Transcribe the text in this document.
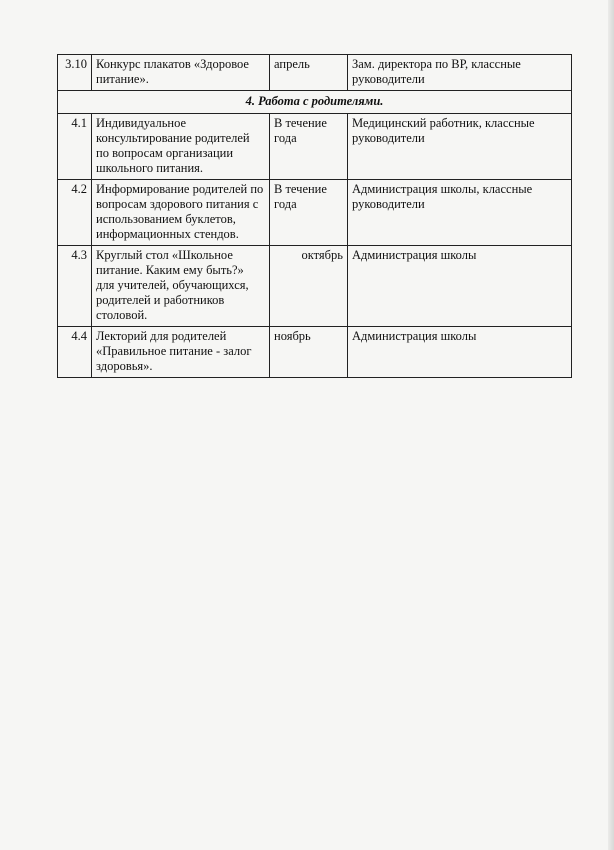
3.10	Конкурс плакатов «Здоровое питание».	апрель	Зам. директора по ВР, классные руководители
4. Работа с родителями.			
4.1	Индивидуальное консультирование родителей по вопросам организации школьного питания.	В течение года	Медицинский работник, классные руководители
4.2	Информирование родителей по вопросам здорового питания с использованием буклетов, информационных стендов.	В течение года	Администрация школы, классные руководители
4.3	Круглый стол «Школьное питание. Каким ему быть?» для учителей, обучающихся, родителей и работников столовой.	октябрь	Администрация школы
4.4	Лекторий для родителей «Правильное питание - залог здоровья».	ноябрь	Администрация школы
